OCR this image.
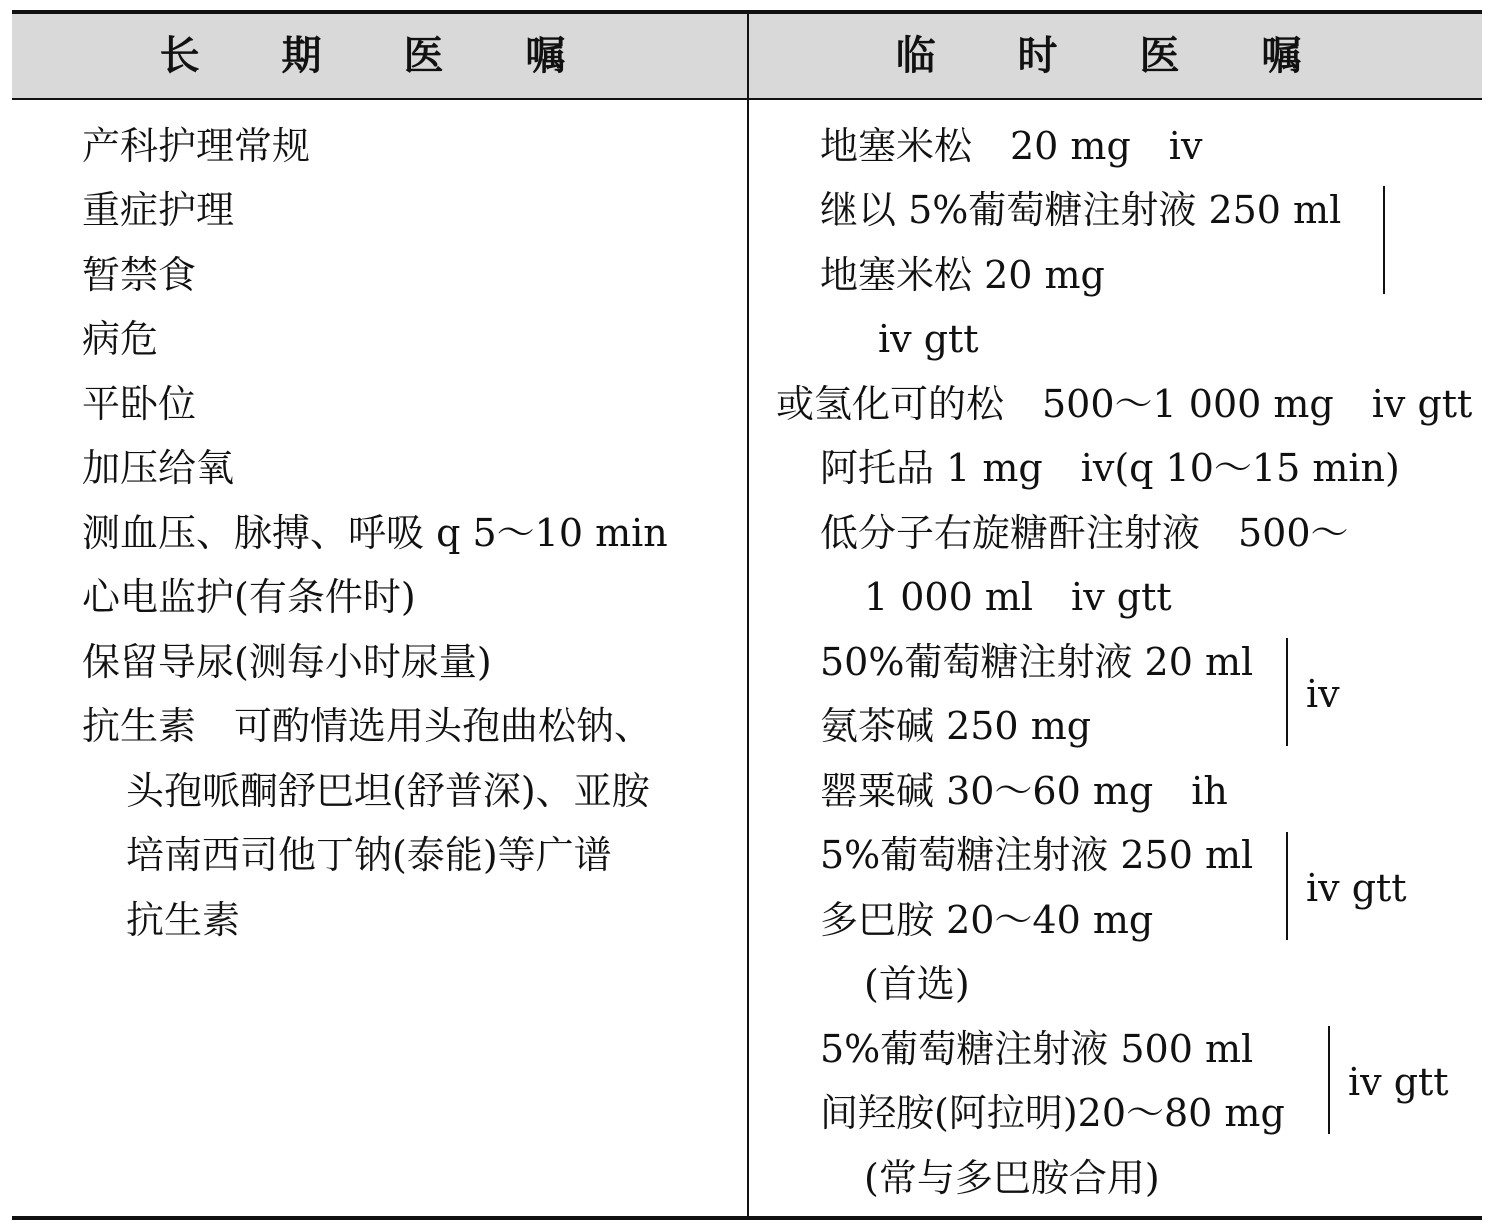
长 期 医 嘱	临 时 医 嘱
产科护理常规
重症护理
暂禁食
病危
平卧位
加压给氧
测血压、脉搏、呼吸 q 5～10 min
心电监护(有条件时)
保留导尿(测每小时尿量)
抗生素　可酌情选用头孢曲松钠、
头孢哌酮舒巴坦(舒普深)、亚胺
培南西司他丁钠(泰能)等广谱
抗生素
地塞米松　20 mg　iv
继以 5%葡萄糖注射液 250 ml
地塞米松 20 mg
iv gtt
或氢化可的松　500～1 000 mg　iv gtt
阿托品 1 mg　iv(q 10～15 min)
低分子右旋糖酐注射液　500～
1 000 ml　iv gtt
50%葡萄糖注射液 20 ml
氨茶碱 250 mg
iv
罂粟碱 30～60 mg　ih
5%葡萄糖注射液 250 ml
多巴胺 20～40 mg
iv gtt
(首选)
5%葡萄糖注射液 500 ml
间羟胺(阿拉明)20～80 mg
iv gtt
(常与多巴胺合用)
